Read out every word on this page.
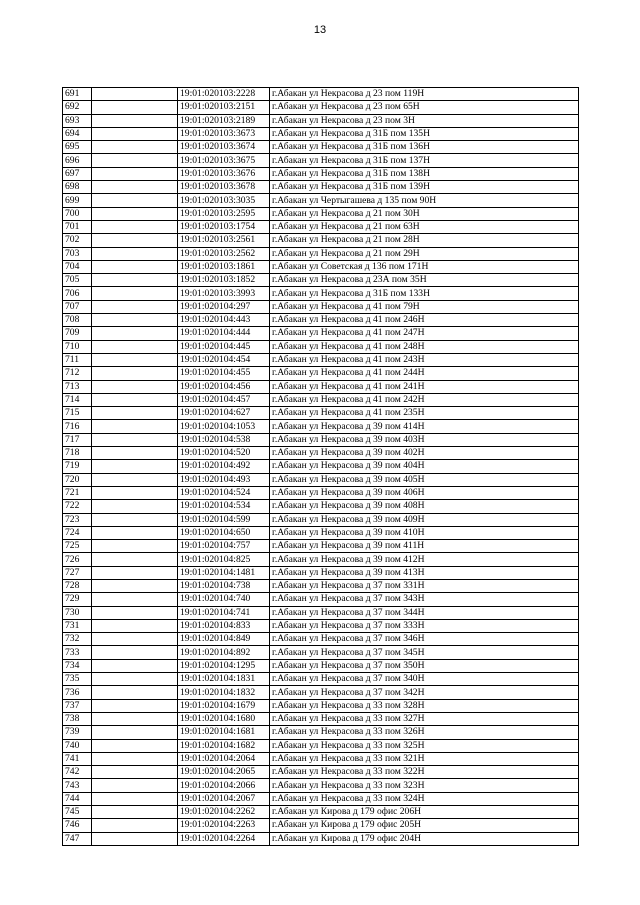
13
691		19:01:020103:2228	г.Абакан ул Некрасова д 23 пом 119Н
692		19:01:020103:2151	г.Абакан ул Некрасова д 23 пом 65Н
693		19:01:020103:2189	г.Абакан ул Некрасова д 23 пом 3Н
694		19:01:020103:3673	г.Абакан ул Некрасова д 31Б пом 135Н
695		19:01:020103:3674	г.Абакан ул Некрасова д 31Б пом 136Н
696		19:01:020103:3675	г.Абакан ул Некрасова д 31Б пом 137Н
697		19:01:020103:3676	г.Абакан ул Некрасова д 31Б пом 138Н
698		19:01:020103:3678	г.Абакан ул Некрасова д 31Б пом 139Н
699		19:01:020103:3035	г.Абакан ул Чертыгашева д 135 пом 90Н
700		19:01:020103:2595	г.Абакан ул Некрасова д 21 пом 30Н
701		19:01:020103:1754	г.Абакан ул Некрасова д 21 пом 63Н
702		19:01:020103:2561	г.Абакан ул Некрасова д 21 пом 28Н
703		19:01:020103:2562	г.Абакан ул Некрасова д 21 пом 29Н
704		19:01:020103:1861	г.Абакан ул Советская д 136 пом 171Н
705		19:01:020103:1852	г.Абакан ул Некрасова д 23А пом 35Н
706		19:01:020103:3993	г.Абакан ул Некрасова д 31Б пом 133Н
707		19:01:020104:297	г.Абакан ул Некрасова д 41 пом 79Н
708		19:01:020104:443	г.Абакан ул Некрасова д 41 пом 246Н
709		19:01:020104:444	г.Абакан ул Некрасова д 41 пом 247Н
710		19:01:020104:445	г.Абакан ул Некрасова д 41 пом 248Н
711		19:01:020104:454	г.Абакан ул Некрасова д 41 пом 243Н
712		19:01:020104:455	г.Абакан ул Некрасова д 41 пом 244Н
713		19:01:020104:456	г.Абакан ул Некрасова д 41 пом 241Н
714		19:01:020104:457	г.Абакан ул Некрасова д 41 пом 242Н
715		19:01:020104:627	г.Абакан ул Некрасова д 41 пом 235Н
716		19:01:020104:1053	г.Абакан ул Некрасова д 39 пом 414Н
717		19:01:020104:538	г.Абакан ул Некрасова д 39 пом 403Н
718		19:01:020104:520	г.Абакан ул Некрасова д 39 пом 402Н
719		19:01:020104:492	г.Абакан ул Некрасова д 39 пом 404Н
720		19:01:020104:493	г.Абакан ул Некрасова д 39 пом 405Н
721		19:01:020104:524	г.Абакан ул Некрасова д 39 пом 406Н
722		19:01:020104:534	г.Абакан ул Некрасова д 39 пом 408Н
723		19:01:020104:599	г.Абакан ул Некрасова д 39 пом 409Н
724		19:01:020104:650	г.Абакан ул Некрасова д 39 пом 410Н
725		19:01:020104:757	г.Абакан ул Некрасова д 39 пом 411Н
726		19:01:020104:825	г.Абакан ул Некрасова д 39 пом 412Н
727		19:01:020104:1481	г.Абакан ул Некрасова д 39 пом 413Н
728		19:01:020104:738	г.Абакан ул Некрасова д 37 пом 331Н
729		19:01:020104:740	г.Абакан ул Некрасова д 37 пом 343Н
730		19:01:020104:741	г.Абакан ул Некрасова д 37 пом 344Н
731		19:01:020104:833	г.Абакан ул Некрасова д 37 пом 333Н
732		19:01:020104:849	г.Абакан ул Некрасова д 37 пом 346Н
733		19:01:020104:892	г.Абакан ул Некрасова д 37 пом 345Н
734		19:01:020104:1295	г.Абакан ул Некрасова д 37 пом 350Н
735		19:01:020104:1831	г.Абакан ул Некрасова д 37 пом 340Н
736		19:01:020104:1832	г.Абакан ул Некрасова д 37 пом 342Н
737		19:01:020104:1679	г.Абакан ул Некрасова д 33 пом 328Н
738		19:01:020104:1680	г.Абакан ул Некрасова д 33 пом 327Н
739		19:01:020104:1681	г.Абакан ул Некрасова д 33 пом 326Н
740		19:01:020104:1682	г.Абакан ул Некрасова д 33 пом 325Н
741		19:01:020104:2064	г.Абакан ул Некрасова д 33 пом 321Н
742		19:01:020104:2065	г.Абакан ул Некрасова д 33 пом 322Н
743		19:01:020104:2066	г.Абакан ул Некрасова д 33 пом 323Н
744		19:01:020104:2067	г.Абакан ул Некрасова д 33 пом 324Н
745		19:01:020104:2262	г.Абакан ул Кирова д 179 офис 206Н
746		19:01:020104:2263	г.Абакан ул Кирова д 179 офис 205Н
747		19:01:020104:2264	г.Абакан ул Кирова д 179 офис 204Н
